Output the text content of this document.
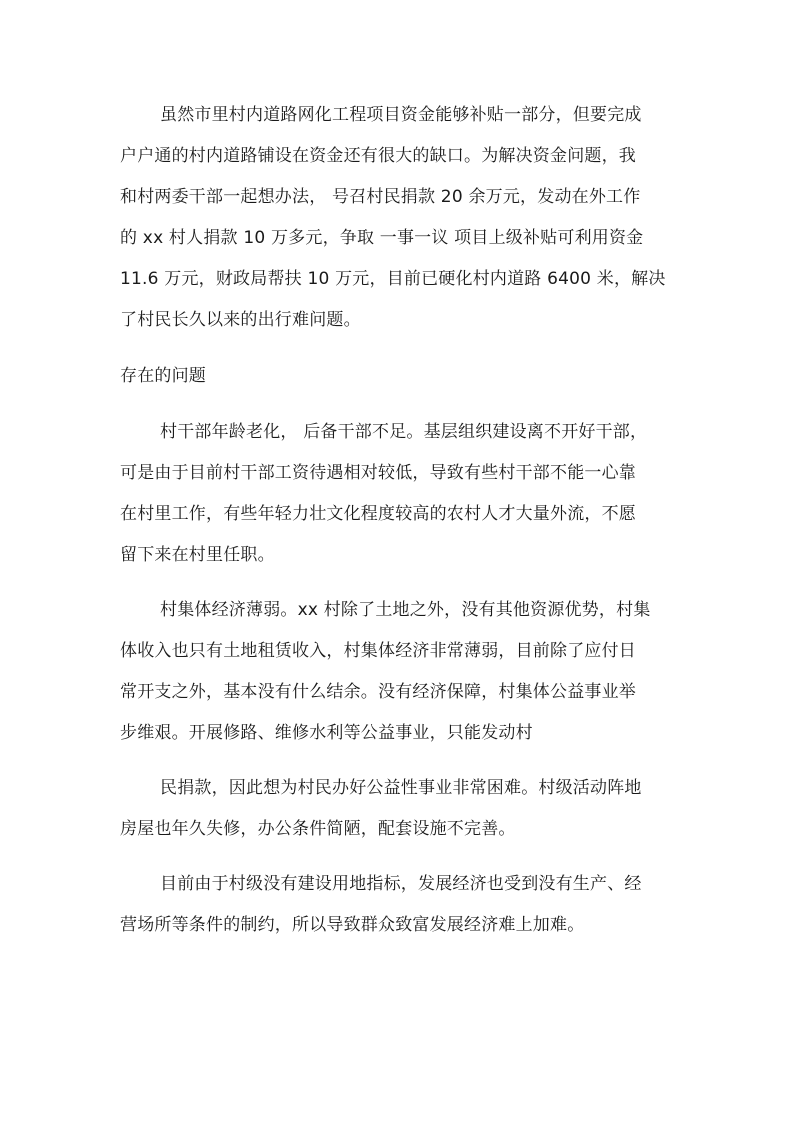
虽然市里村内道路网化工程项目资金能够补贴一部分，但要完成
户户通的村内道路铺设在资金还有很大的缺口。为解决资金问题，我
和村两委干部一起想办法， 号召村民捐款 20 余万元，发动在外工作
的 xx 村人捐款 10 万多元，争取 一事一议 项目上级补贴可利用资金
11.6 万元，财政局帮扶 10 万元，目前已硬化村内道路 6400 米，解决
了村民长久以来的出行难问题。
存在的问题
村干部年龄老化， 后备干部不足。基层组织建设离不开好干部，
可是由于目前村干部工资待遇相对较低，导致有些村干部不能一心靠
在村里工作，有些年轻力壮文化程度较高的农村人才大量外流，不愿
留下来在村里任职。
村集体经济薄弱。xx 村除了土地之外，没有其他资源优势，村集
体收入也只有土地租赁收入，村集体经济非常薄弱，目前除了应付日
常开支之外，基本没有什么结余。没有经济保障，村集体公益事业举
步维艰。开展修路、维修水利等公益事业，只能发动村
民捐款，因此想为村民办好公益性事业非常困难。村级活动阵地
房屋也年久失修，办公条件简陋，配套设施不完善。
目前由于村级没有建设用地指标，发展经济也受到没有生产、经
营场所等条件的制约，所以导致群众致富发展经济难上加难。
